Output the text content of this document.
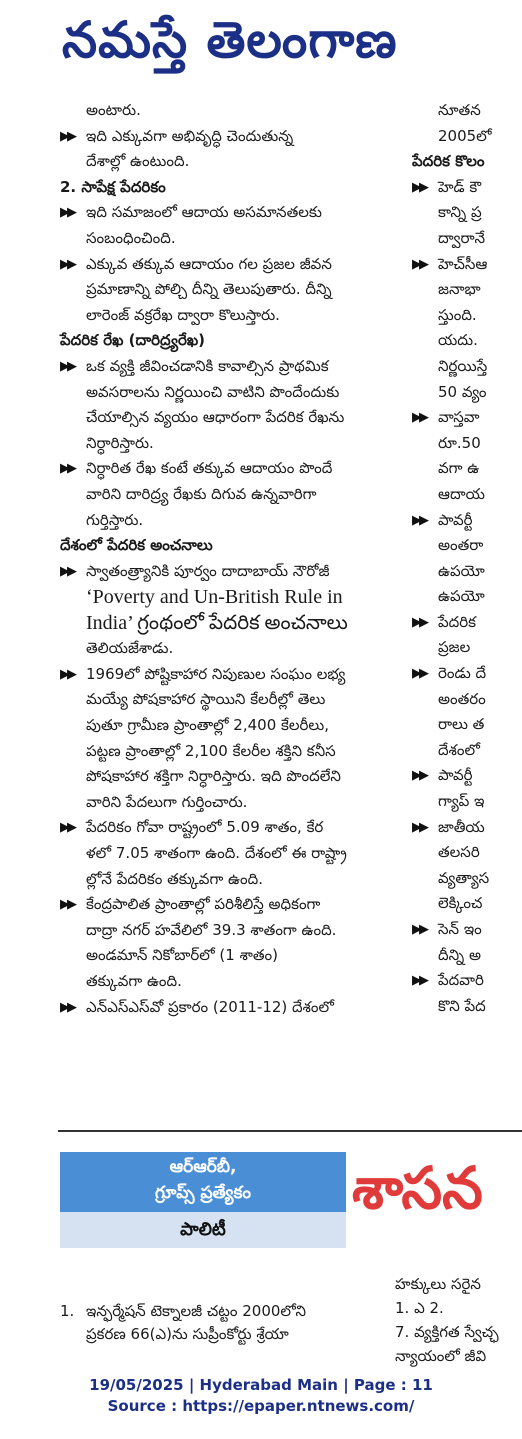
నమస్తే తెలంగాణ
అంటారు.
▶▶ ఇది ఎక్కువగా అభివృద్ధి చెందుతున్న
దేశాల్లో ఉంటుంది.
2. సాపేక్ష పేదరికం
▶▶ ఇది సమాజంలో ఆదాయ అసమానతలకు
సంబంధించింది.
▶▶ ఎక్కువ తక్కువ ఆదాయం గల ప్రజల జీవన
ప్రమాణాన్ని పోల్చి దీన్ని తెలుపుతారు. దీన్ని
లారెంజ్ వక్రరేఖ ద్వారా కొలుస్తారు.
పేదరిక రేఖ (దారిద్ర్యరేఖ)
▶▶ ఒక వ్యక్తి జీవించడానికి కావాల్సిన ప్రాథమిక
అవసరాలను నిర్ణయించి వాటిని పొందేందుకు
చేయాల్సిన వ్యయం ఆధారంగా పేదరిక రేఖను
నిర్ధారిస్తారు.
▶▶ నిర్ధారిత రేఖ కంటే తక్కువ ఆదాయం పొందే
వారిని దారిద్ర్య రేఖకు దిగువ ఉన్నవారిగా
గుర్తిస్తారు.
దేశంలో పేదరిక అంచనాలు
▶▶ స్వాతంత్ర్యానికి పూర్వం దాదాబాయ్ నౌరోజీ
‘Poverty and Un-British Rule in
India’ గ్రంథంలో పేదరిక అంచనాలు
తెలియజేశాడు.
▶▶ 1969లో పోష్టికాహార నిపుణుల సంఘం లభ్య
మయ్యే పోషకాహార స్థాయిని కేలరీల్లో తెలు
పుతూ గ్రామీణ ప్రాంతాల్లో 2,400 కేలరీలు,
పట్టణ ప్రాంతాల్లో 2,100 కేలరీల శక్తిని కనీస
పోషకాహార శక్తిగా నిర్ధారిస్తారు. ఇది పొందలేని
వారిని పేదలుగా గుర్తించారు.
▶▶ పేదరికం గోవా రాష్ట్రంలో 5.09 శాతం, కేర
ళలో 7.05 శాతంగా ఉంది. దేశంలో ఈ రాష్ట్రా
ల్లోనే పేదరికం తక్కువగా ఉంది.
▶▶ కేంద్రపాలిత ప్రాంతాల్లో పరిశీలిస్తే అధికంగా
దాద్రా నగర్ హవేలిలో 39.3 శాతంగా ఉంది.
అండమాన్ నికోబార్‌లో (1 శాతం)
తక్కువగా ఉంది.
▶▶ ఎన్‌ఎస్‌ఎస్‌వో ప్రకారం (2011-12) దేశంలో
నూతన
2005లో
పేదరిక కొలం
▶▶ హెడ్ కౌ
కాన్ని ప్ర
ద్వారానే
▶▶ హెచ్‌సీఆ
జనాభా
స్తుంది.
యదు.
నిర్ణయిస్తే
50 వ్యం
▶▶ వాస్తవా
రూ.50
వగా ఉ
ఆదాయ
▶▶ పావర్టీ
అంతరా
ఉపయో
ఉపయో
▶▶ పేదరిక
ప్రజల
▶▶ రెండు దే
అంతరం
రాలు త
దేశంలో
▶▶ పావర్టీ
గ్యాప్ ఇ
▶▶ జాతీయ
తలసరి
వ్యత్యాస
లెక్కించ
▶▶ సెన్ ఇం
దీన్ని అ
▶▶ పేదవారి
కొని పేద
ఆర్‌ఆర్‌బీ,
గ్రూప్స్ ప్రత్యేకం
పాలిటీ
శాసన
1. ఇన్ఫర్మేషన్ టెక్నాలజీ చట్టం 2000లోని
ప్రకరణ 66(ఎ)ను సుప్రీంకోర్టు శ్రేయా
హక్కులు సరైన
1. ఎ 2.
7. వ్యక్తిగత స్వేచ్ఛ
న్యాయంలో జీవి
19/05/2025 | Hyderabad Main | Page : 11
Source : https://epaper.ntnews.com/
